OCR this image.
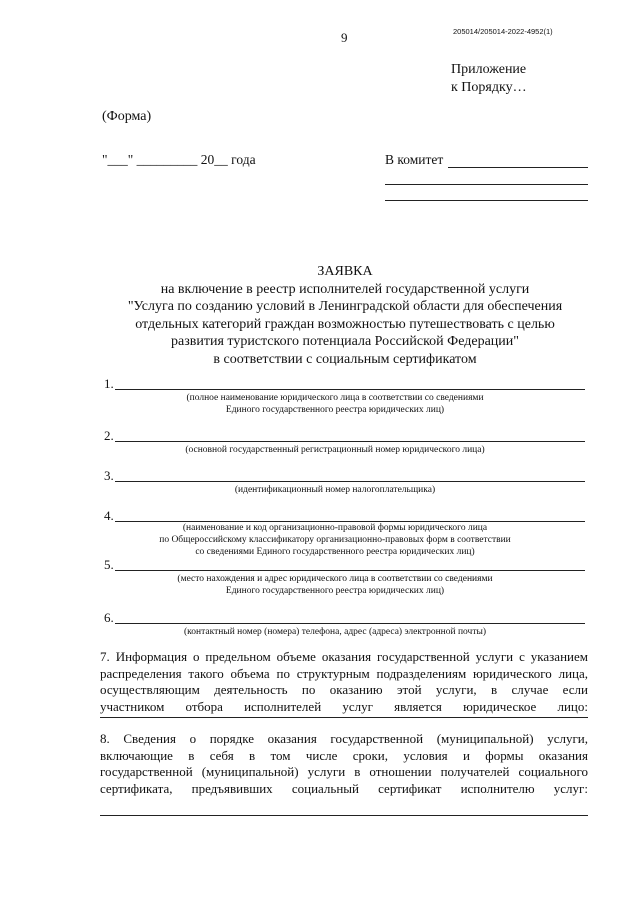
205014/205014-2022-4952(1)
9
Приложение
к Порядку…
(Форма)
"___" _________ 20__ года	В комитет
ЗАЯВКА
на включение в реестр исполнителей государственной услуги
"Услуга по созданию условий в Ленинградской области для обеспечения
отдельных категорий граждан возможностью путешествовать с целью
развития туристского потенциала Российской Федерации"
в соответствии с социальным сертификатом
1.
(полное наименование юридического лица в соответствии со сведениями
Единого государственного реестра юридических лиц)
2.
(основной государственный регистрационный номер юридического лица)
3.
(идентификационный номер налогоплательщика)
4.
(наименование и код организационно-правовой формы юридического лица
по Общероссийскому классификатору организационно-правовых форм в соответствии
со сведениями Единого государственного реестра юридических лиц)
5.
(место нахождения и адрес юридического лица в соответствии со сведениями
Единого государственного реестра юридических лиц)
6.
(контактный номер (номера) телефона, адрес (адреса) электронной почты)
7. Информация о предельном объеме оказания государственной услуги с указанием
распределения такого объема по структурным подразделениям юридического лица,
осуществляющим деятельность по оказанию этой услуги, в случае если
участником отбора исполнителей услуг является юридическое лицо:
8. Сведения о порядке оказания государственной (муниципальной) услуги,
включающие в себя в том числе сроки, условия и формы оказания
государственной (муниципальной) услуги в отношении получателей социального
сертификата, предъявивших социальный сертификат исполнителю услуг:
